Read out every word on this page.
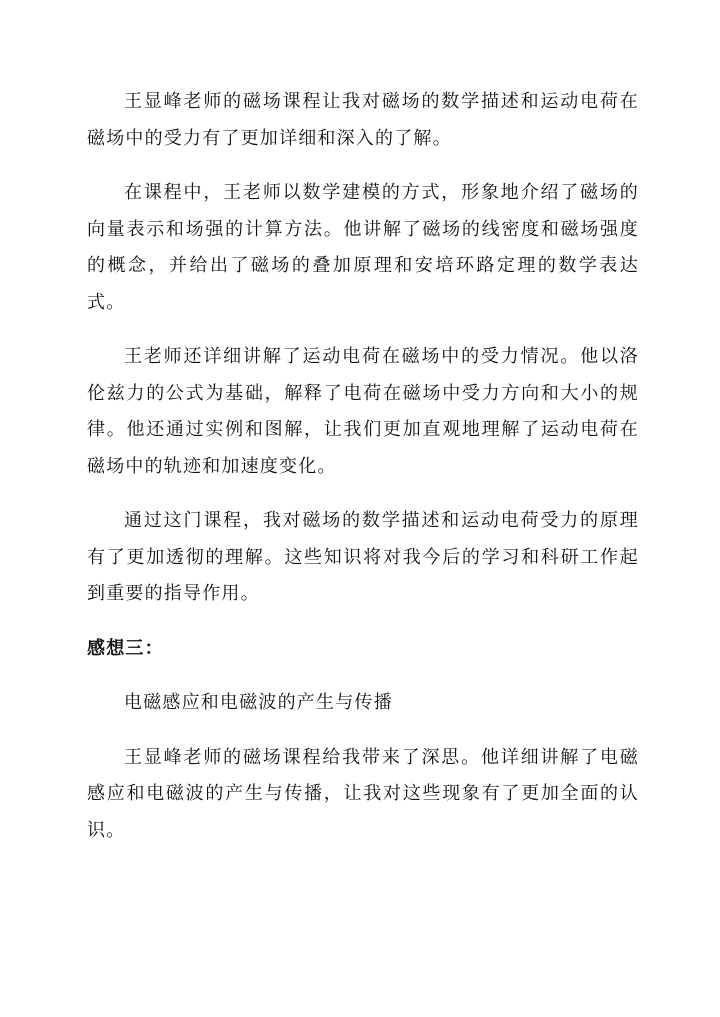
王显峰老师的磁场课程让我对磁场的数学描述和运动电荷在磁场中的受力有了更加详细和深入的了解。

在课程中，王老师以数学建模的方式，形象地介绍了磁场的向量表示和场强的计算方法。他讲解了磁场的线密度和磁场强度的概念，并给出了磁场的叠加原理和安培环路定理的数学表达式。

王老师还详细讲解了运动电荷在磁场中的受力情况。他以洛伦兹力的公式为基础，解释了电荷在磁场中受力方向和大小的规律。他还通过实例和图解，让我们更加直观地理解了运动电荷在磁场中的轨迹和加速度变化。

通过这门课程，我对磁场的数学描述和运动电荷受力的原理有了更加透彻的理解。这些知识将对我今后的学习和科研工作起到重要的指导作用。

感想三：

电磁感应和电磁波的产生与传播

王显峰老师的磁场课程给我带来了深思。他详细讲解了电磁感应和电磁波的产生与传播，让我对这些现象有了更加全面的认识。
